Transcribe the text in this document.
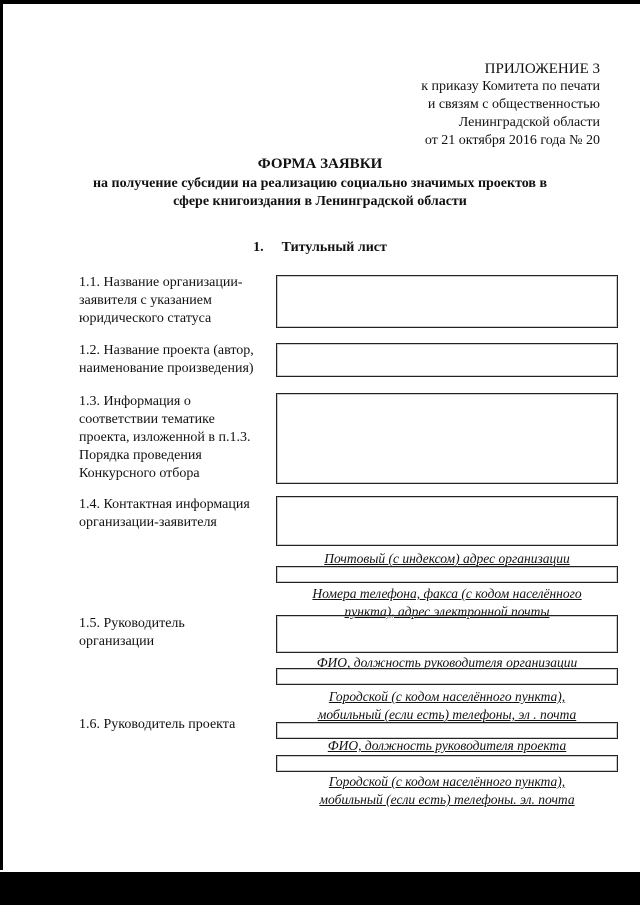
ПРИЛОЖЕНИЕ 3
к приказу Комитета по печати
и связям с общественностью
Ленинградской области
от 21 октября 2016 года № 20
ФОРМА ЗАЯВКИ
на получение субсидии на реализацию социально значимых проектов в
сфере книгоиздания в Ленинградской области
1. Титульный лист
1.1. Название организации-
заявителя с указанием
юридического статуса
1.2. Название проекта (автор,
наименование произведения)
1.3. Информация о
соответствии тематике
проекта, изложенной в п.1.3.
Порядка проведения
Конкурсного отбора
1.4. Контактная информация
организации-заявителя
Почтовый (с индексом) адрес организации
Номера телефона, факса (с кодом населённого
пункта), адрес электронной почты
1.5. Руководитель
организации
ФИО, должность руководителя организации
Городской (с кодом населённого пункта),
мобильный (если есть) телефоны, эл . почта
1.6. Руководитель проекта
ФИО, должность руководителя проекта
Городской (с кодом населённого пункта),
мобильный (если есть) телефоны. эл. почта
